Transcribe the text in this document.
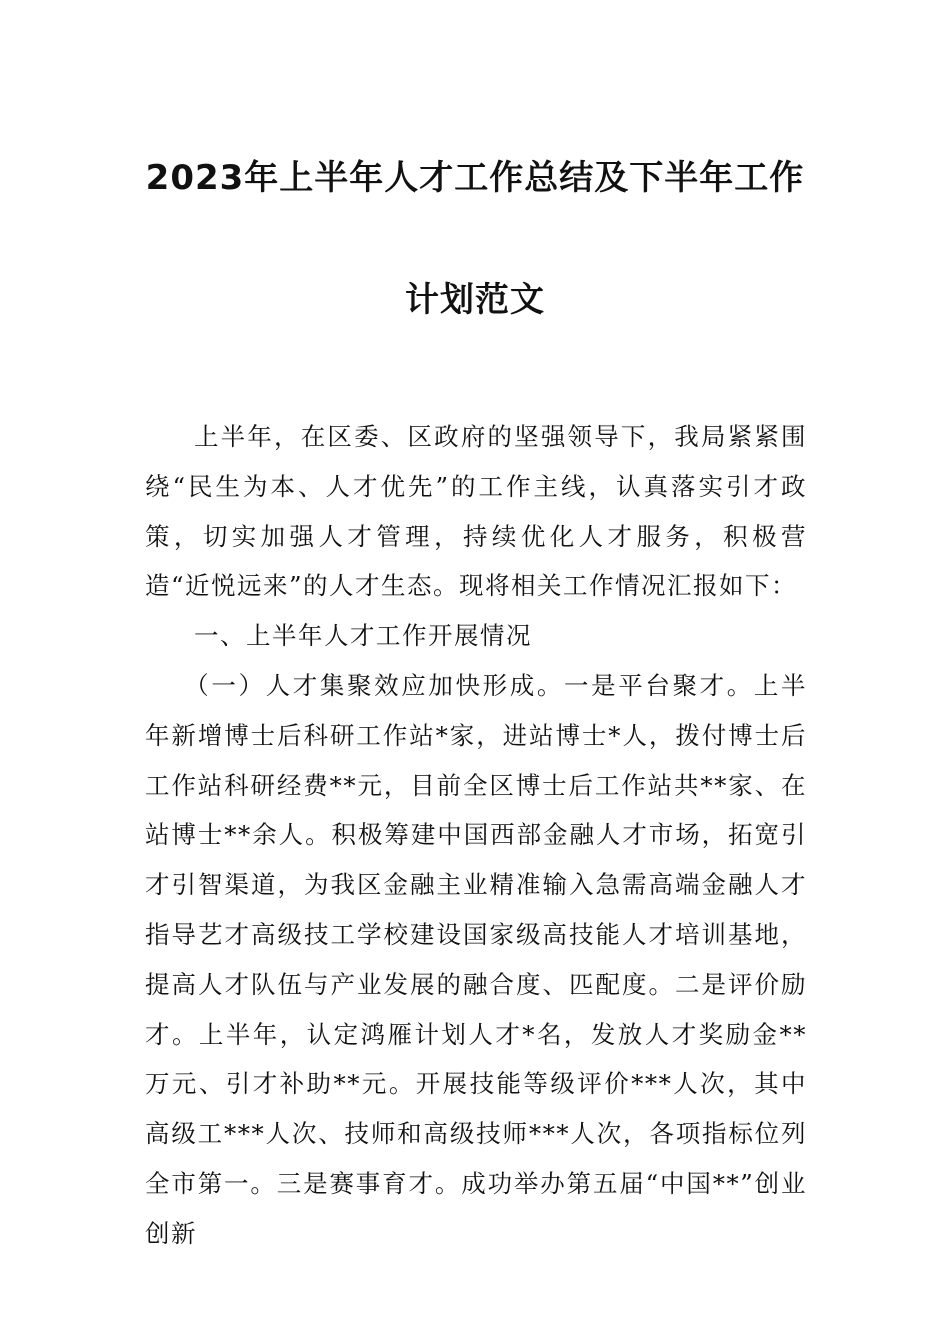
2023年上半年人才工作总结及下半年工作
计划范文

上半年，在区委、区政府的坚强领导下，我局紧紧围绕“民生为本、人才优先”的工作主线，认真落实引才政策，切实加强人才管理，持续优化人才服务，积极营造“近悦远来”的人才生态。现将相关工作情况汇报如下：

一、上半年人才工作开展情况

（一）人才集聚效应加快形成。一是平台聚才。上半年新增博士后科研工作站*家，进站博士*人，拨付博士后工作站科研经费**元，目前全区博士后工作站共**家、在站博士**余人。积极筹建中国西部金融人才市场，拓宽引才引智渠道，为我区金融主业精准输入急需高端金融人才指导艺才高级技工学校建设国家级高技能人才培训基地，提高人才队伍与产业发展的融合度、匹配度。二是评价励才。上半年，认定鸿雁计划人才*名，发放人才奖励金**万元、引才补助**元。开展技能等级评价***人次，其中高级工***人次、技师和高级技师***人次，各项指标位列全市第一。三是赛事育才。成功举办第五届“中国**”创业创新
